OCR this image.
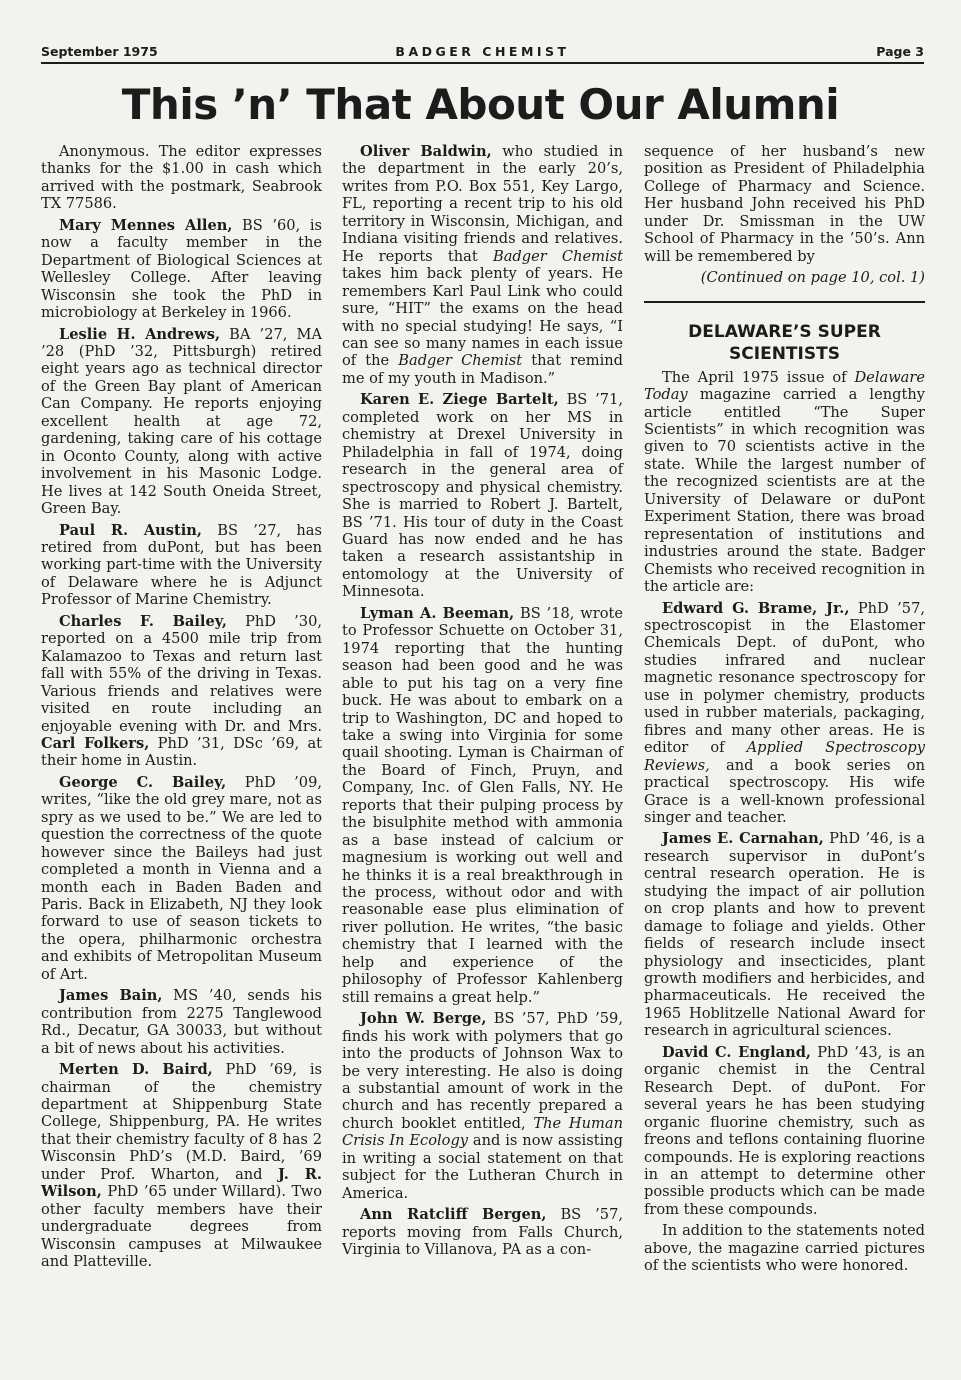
September 1975	BADGER CHEMIST	Page 3
This ’n’ That About Our Alumni

Anonymous. The editor expresses thanks for the $1.00 in cash which arrived with the postmark, Seabrook TX 77586.

Mary Mennes Allen, BS ’60, is now a faculty member in the Department of Biological Sciences at Wellesley College. After leaving Wisconsin she took the PhD in microbiology at Berkeley in 1966.

Leslie H. Andrews, BA ’27, MA ’28 (PhD ’32, Pittsburgh) retired eight years ago as technical director of the Green Bay plant of American Can Company. He reports enjoying excellent health at age 72, gardening, taking care of his cottage in Oconto County, along with active involvement in his Masonic Lodge. He lives at 142 South Oneida Street, Green Bay.

Paul R. Austin, BS ’27, has retired from duPont, but has been working part-time with the University of Delaware where he is Adjunct Professor of Marine Chemistry.

Charles F. Bailey, PhD ’30, reported on a 4500 mile trip from Kalamazoo to Texas and return last fall with 55% of the driving in Texas. Various friends and relatives were visited en route including an enjoyable evening with Dr. and Mrs. Carl Folkers, PhD ’31, DSc ’69, at their home in Austin.

George C. Bailey, PhD ’09, writes, “like the old grey mare, not as spry as we used to be.” We are led to question the correctness of the quote however since the Baileys had just completed a month in Vienna and a month each in Baden Baden and Paris. Back in Elizabeth, NJ they look forward to use of season tickets to the opera, philharmonic orchestra and exhibits of Metropolitan Museum of Art.

James Bain, MS ’40, sends his contribution from 2275 Tanglewood Rd., Decatur, GA 30033, but without a bit of news about his activities.

Merten D. Baird, PhD ’69, is chairman of the chemistry department at Shippenburg State College, Shippenburg, PA. He writes that their chemistry faculty of 8 has 2 Wisconsin PhD’s (M.D. Baird, ’69 under Prof. Wharton, and J. R. Wilson, PhD ’65 under Willard). Two other faculty members have their undergraduate degrees from Wisconsin campuses at Milwaukee and Platteville.

Oliver Baldwin, who studied in the department in the early 20’s, writes from P.O. Box 551, Key Largo, FL, reporting a recent trip to his old territory in Wisconsin, Michigan, and Indiana visiting friends and relatives. He reports that Badger Chemist takes him back plenty of years. He remembers Karl Paul Link who could sure, “HIT” the exams on the head with no special studying! He says, “I can see so many names in each issue of the Badger Chemist that remind me of my youth in Madison.”

Karen E. Ziege Bartelt, BS ’71, completed work on her MS in chemistry at Drexel University in Philadelphia in fall of 1974, doing research in the general area of spectroscopy and physical chemistry. She is married to Robert J. Bartelt, BS ’71. His tour of duty in the Coast Guard has now ended and he has taken a research assistantship in entomology at the University of Minnesota.

Lyman A. Beeman, BS ’18, wrote to Professor Schuette on October 31, 1974 reporting that the hunting season had been good and he was able to put his tag on a very fine buck. He was about to embark on a trip to Washington, DC and hoped to take a swing into Virginia for some quail shooting. Lyman is Chairman of the Board of Finch, Pruyn, and Company, Inc. of Glen Falls, NY. He reports that their pulping process by the bisulphite method with ammonia as a base instead of calcium or magnesium is working out well and he thinks it is a real breakthrough in the process, without odor and with reasonable ease plus elimination of river pollution. He writes, “the basic chemistry that I learned with the help and experience of the philosophy of Professor Kahlenberg still remains a great help.”

John W. Berge, BS ’57, PhD ’59, finds his work with polymers that go into the products of Johnson Wax to be very interesting. He also is doing a substantial amount of work in the church and has recently prepared a church booklet entitled, The Human Crisis In Ecology and is now assisting in writing a social statement on that subject for the Lutheran Church in America.

Ann Ratcliff Bergen, BS ’57, reports moving from Falls Church, Virginia to Villanova, PA as a con-

sequence of her husband’s new position as President of Philadelphia College of Pharmacy and Science. Her husband John received his PhD under Dr. Smissman in the UW School of Pharmacy in the ’50’s. Ann will be remembered by

(Continued on page 10, col. 1)

DELAWARE’S SUPER SCIENTISTS

The April 1975 issue of Delaware Today magazine carried a lengthy article entitled “The Super Scientists” in which recognition was given to 70 scientists active in the state. While the largest number of the recognized scientists are at the University of Delaware or duPont Experiment Station, there was broad representation of institutions and industries around the state. Badger Chemists who received recognition in the article are:

Edward G. Brame, Jr., PhD ’57, spectroscopist in the Elastomer Chemicals Dept. of duPont, who studies infrared and nuclear magnetic resonance spectroscopy for use in polymer chemistry, products used in rubber materials, packaging, fibres and many other areas. He is editor of Applied Spectroscopy Reviews, and a book series on practical spectroscopy. His wife Grace is a well-known professional singer and teacher.

James E. Carnahan, PhD ’46, is a research supervisor in duPont’s central research operation. He is studying the impact of air pollution on crop plants and how to prevent damage to foliage and yields. Other fields of research include insect physiology and insecticides, plant growth modifiers and herbicides, and pharmaceuticals. He received the 1965 Hoblitzelle National Award for research in agricultural sciences.

David C. England, PhD ’43, is an organic chemist in the Central Research Dept. of duPont. For several years he has been studying organic fluorine chemistry, such as freons and teflons containing fluorine compounds. He is exploring reactions in an attempt to determine other possible products which can be made from these compounds.

In addition to the statements noted above, the magazine carried pictures of the scientists who were honored.
